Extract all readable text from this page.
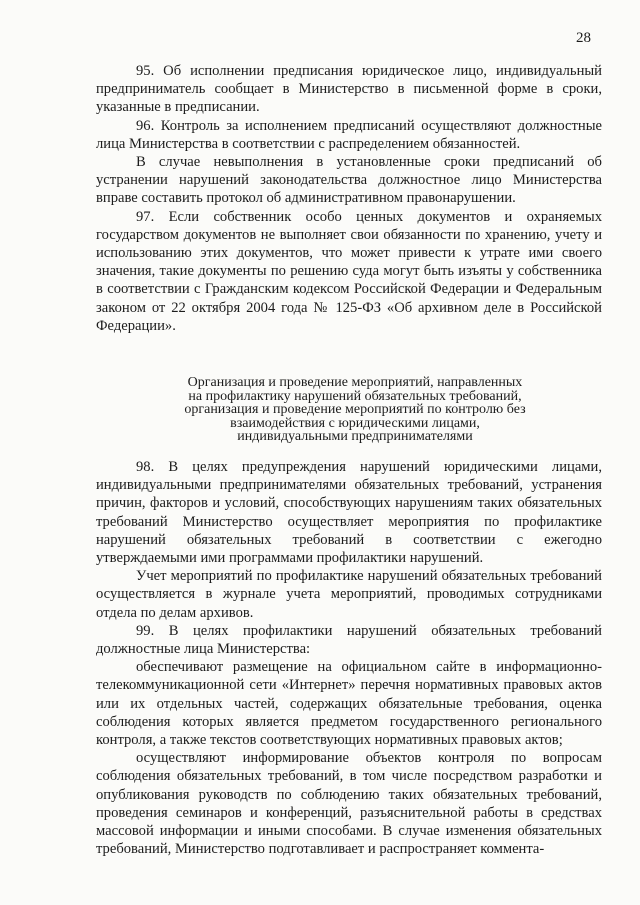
28

95. Об исполнении предписания юридическое лицо, индивидуальный предприниматель сообщает в Министерство в письменной форме в сроки, указанные в предписании.

96. Контроль за исполнением предписаний осуществляют должностные лица Министерства в соответствии с распределением обязанностей.

В случае невыполнения в установленные сроки предписаний об устранении нарушений законодательства должностное лицо Министерства вправе составить протокол об административном правонарушении.

97. Если собственник особо ценных документов и охраняемых государством документов не выполняет свои обязанности по хранению, учету и использованию этих документов, что может привести к утрате ими своего значения, такие документы по решению суда могут быть изъяты у собственника в соответствии с Гражданским кодексом Российской Федерации и Федеральным законом от 22 октября 2004 года № 125-ФЗ «Об архивном деле в Российской Федерации».

Организация и проведение мероприятий, направленных
на профилактику нарушений обязательных требований,
организация и проведение мероприятий по контролю без
взаимодействия с юридическими лицами,
индивидуальными предпринимателями

98. В целях предупреждения нарушений юридическими лицами, индивидуальными предпринимателями обязательных требований, устранения причин, факторов и условий, способствующих нарушениям таких обязательных требований Министерство осуществляет мероприятия по профилактике нарушений обязательных требований в соответствии с ежегодно утверждаемыми ими программами профилактики нарушений.

Учет мероприятий по профилактике нарушений обязательных требований осуществляется в журнале учета мероприятий, проводимых сотрудниками отдела по делам архивов.

99. В целях профилактики нарушений обязательных требований должностные лица Министерства:

обеспечивают размещение на официальном сайте в информационно-телекоммуникационной сети «Интернет» перечня нормативных правовых актов или их отдельных частей, содержащих обязательные требования, оценка соблюдения которых является предметом государственного регионального контроля, а также текстов соответствующих нормативных правовых актов;

осуществляют информирование объектов контроля по вопросам соблюдения обязательных требований, в том числе посредством разработки и опубликования руководств по соблюдению таких обязательных требований, проведения семинаров и конференций, разъяснительной работы в средствах массовой информации и иными способами. В случае изменения обязательных требований, Министерство подготавливает и распространяет коммента-
